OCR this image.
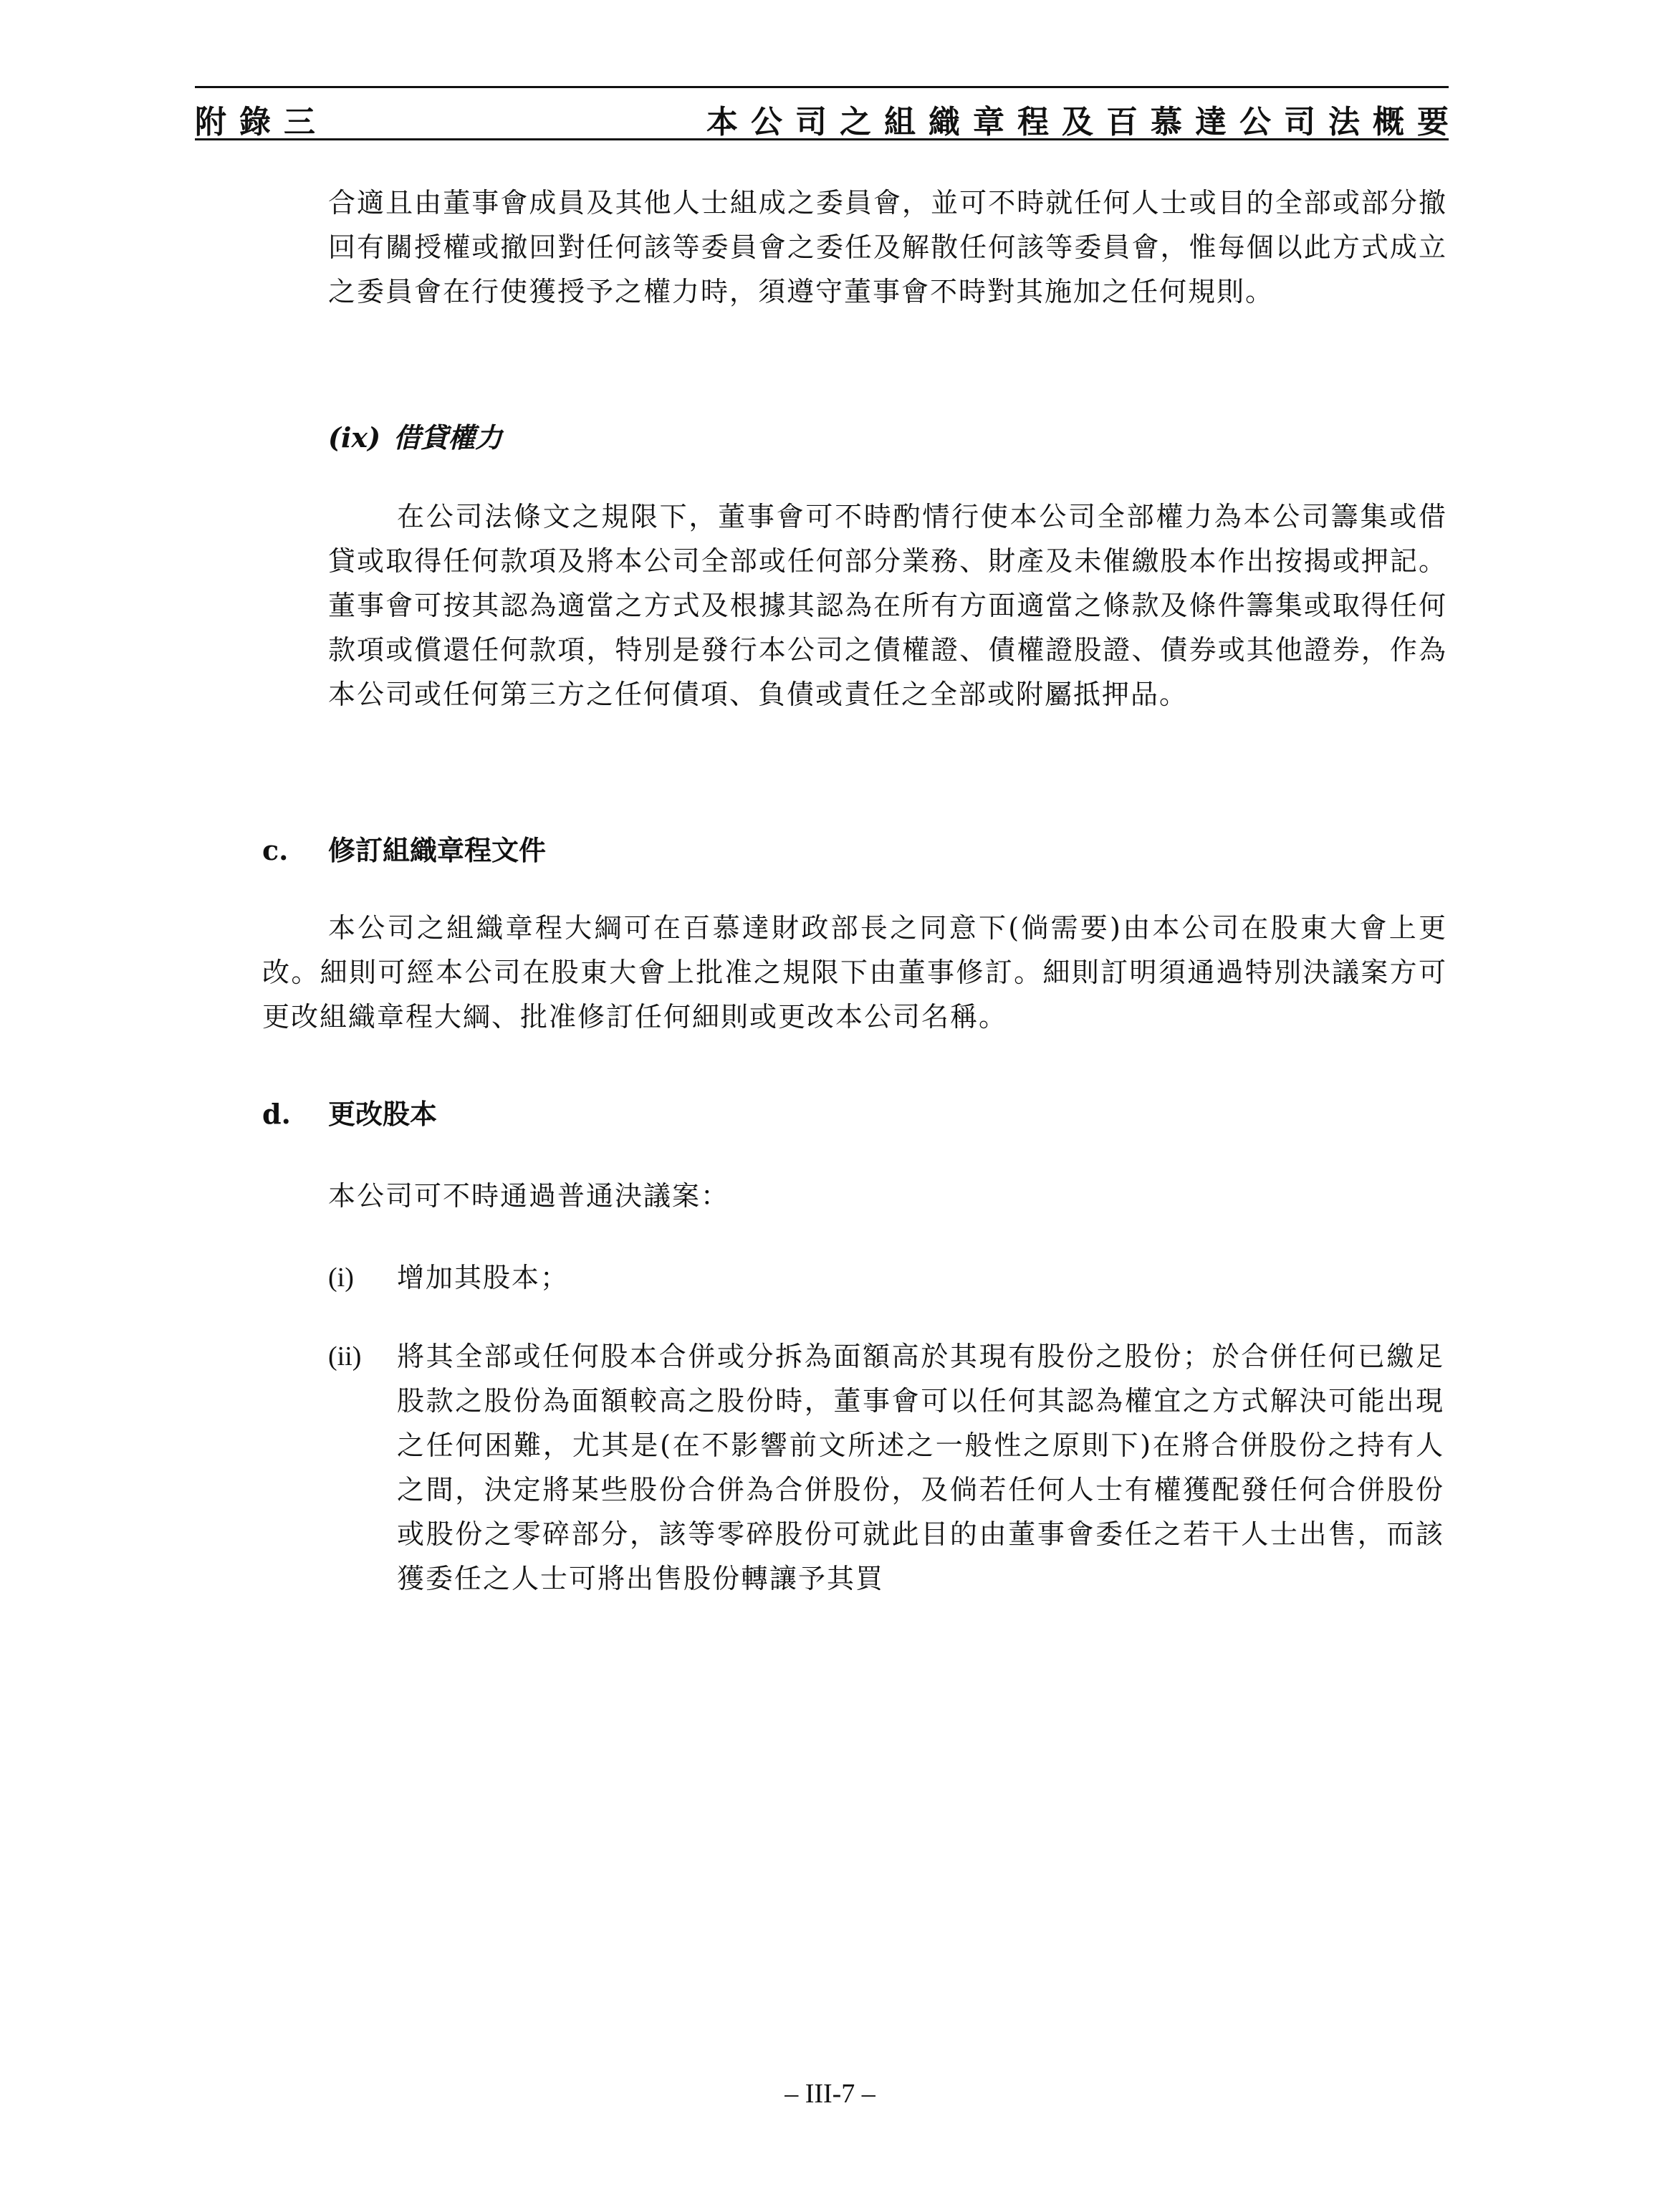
附錄三	本公司之組織章程及百慕達公司法概要
合適且由董事會成員及其他人士組成之委員會，並可不時就任何人士或目的全部或部分撤回有關授權或撤回對任何該等委員會之委任及解散任何該等委員會，惟每個以此方式成立之委員會在行使獲授予之權力時，須遵守董事會不時對其施加之任何規則。
(ix) 借貸權力
在公司法條文之規限下，董事會可不時酌情行使本公司全部權力為本公司籌集或借貸或取得任何款項及將本公司全部或任何部分業務、財產及未催繳股本作出按揭或押記。董事會可按其認為適當之方式及根據其認為在所有方面適當之條款及條件籌集或取得任何款項或償還任何款項，特別是發行本公司之債權證、債權證股證、債券或其他證券，作為本公司或任何第三方之任何債項、負債或責任之全部或附屬抵押品。
c. 修訂組織章程文件
本公司之組織章程大綱可在百慕達財政部長之同意下(倘需要)由本公司在股東大會上更改。細則可經本公司在股東大會上批准之規限下由董事修訂。細則訂明須通過特別決議案方可更改組織章程大綱、批准修訂任何細則或更改本公司名稱。
d. 更改股本
本公司可不時通過普通決議案：
(i) 增加其股本；
(ii) 將其全部或任何股本合併或分拆為面額高於其現有股份之股份；於合併任何已繳足股款之股份為面額較高之股份時，董事會可以任何其認為權宜之方式解決可能出現之任何困難，尤其是(在不影響前文所述之一般性之原則下)在將合併股份之持有人之間，決定將某些股份合併為合併股份，及倘若任何人士有權獲配發任何合併股份或股份之零碎部分，該等零碎股份可就此目的由董事會委任之若干人士出售，而該獲委任之人士可將出售股份轉讓予其買
– III-7 –
